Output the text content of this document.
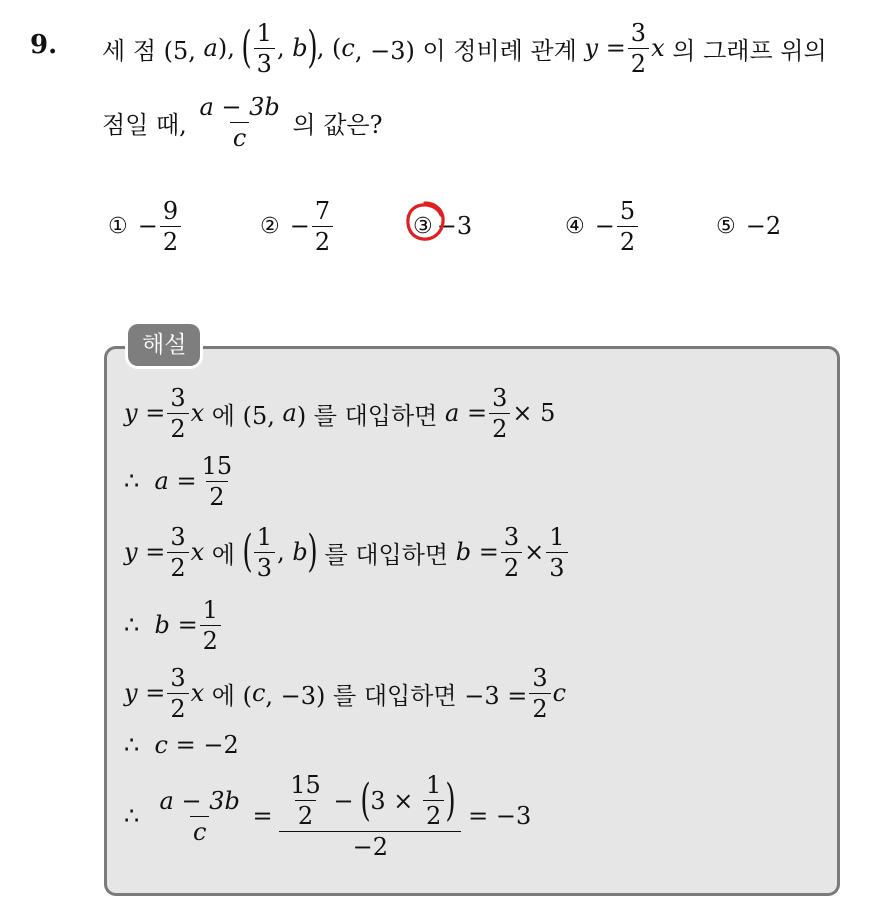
9. 세 점 (5,
a ),
( $\frac{1}{3}$ ,
b ) , ( c , −3) 이 정비례 관계
y
= $\frac{3}{2}$ x
의 그래프 위의
점일 때,
$\frac{a - 3b}{c}$
의 값은?
① − $\frac{9}{2}$	② − $\frac{7}{2}$	③ −3	④ − $\frac{5}{2}$	⑤ −2
해설
y
= $\frac{3}{2}$ x
에 (5,
a ) 를 대입하면
a
= $\frac{3}{2}$ ×
5
∴
a
= $\frac{15}{2}$
y
= $\frac{3}{2}$ x
에
( $\frac{1}{3}$ ,
b )
를 대입하면
b
= $\frac{3}{2} \times \frac{1}{3}$
∴
b
= $\frac{1}{2}$
y
= $\frac{3}{2}$ x
에 ( c , −3) 를 대입하면 $-3 = \frac{3}{2}$ c
∴
c
= −2
∴
$\frac{a - 3b}{c}$
=
$\frac{15}{2}$
−
( 3 ×
$\frac{1}{2}$ )
−2
= −3
